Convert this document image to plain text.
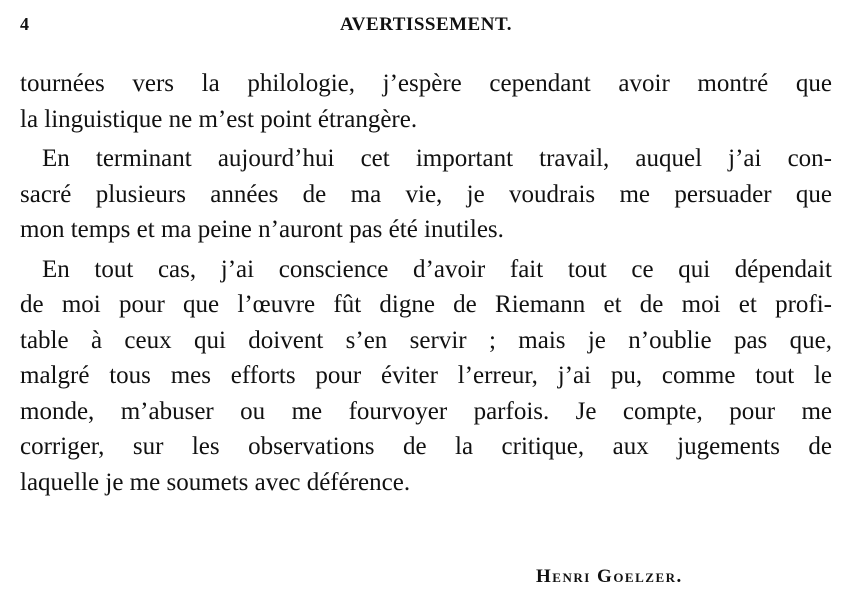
4	AVERTISSEMENT.
tournées vers la philologie, j’espère cependant avoir montré que
la linguistique ne m’est point étrangère.
En terminant aujourd’hui cet important travail, auquel j’ai con-
sacré plusieurs années de ma vie, je voudrais me persuader que
mon temps et ma peine n’auront pas été inutiles.
En tout cas, j’ai conscience d’avoir fait tout ce qui dépendait
de moi pour que l’œuvre fût digne de Riemann et de moi et profi-
table à ceux qui doivent s’en servir ; mais je n’oublie pas que,
malgré tous mes efforts pour éviter l’erreur, j’ai pu, comme tout le
monde, m’abuser ou me fourvoyer parfois. Je compte, pour me
corriger, sur les observations de la critique, aux jugements de
laquelle je me soumets avec déférence.
Henri Goelzer.
